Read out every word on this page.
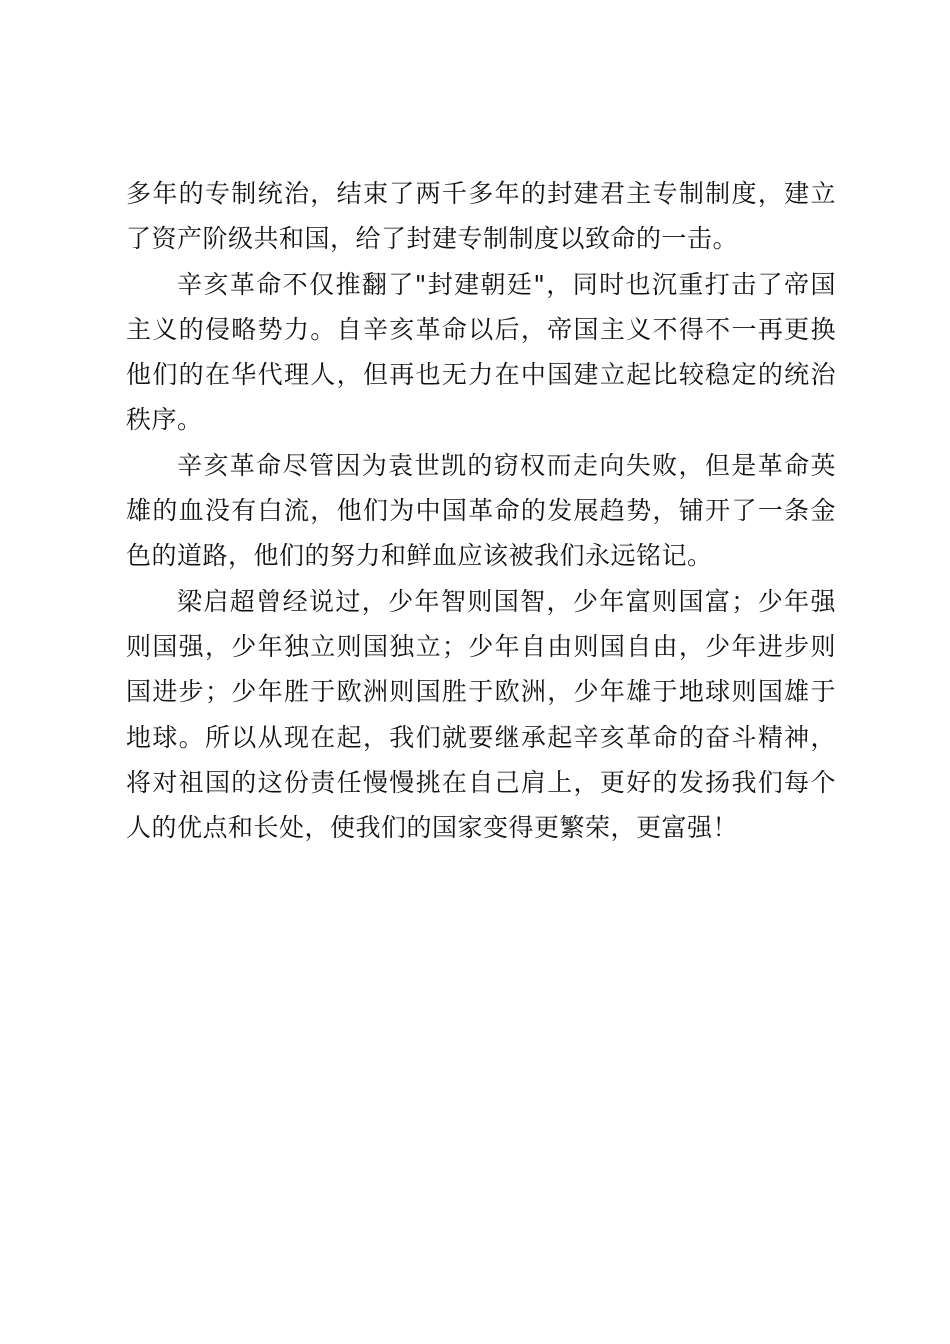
多年的专制统治，结束了两千多年的封建君主专制制度，建立了资产阶级共和国，给了封建专制制度以致命的一击。

辛亥革命不仅推翻了"封建朝廷"，同时也沉重打击了帝国主义的侵略势力。自辛亥革命以后，帝国主义不得不一再更换他们的在华代理人，但再也无力在中国建立起比较稳定的统治秩序。

辛亥革命尽管因为袁世凯的窃权而走向失败，但是革命英雄的血没有白流，他们为中国革命的发展趋势，铺开了一条金色的道路，他们的努力和鲜血应该被我们永远铭记。

梁启超曾经说过，少年智则国智，少年富则国富；少年强则国强，少年独立则国独立；少年自由则国自由，少年进步则国进步；少年胜于欧洲则国胜于欧洲，少年雄于地球则国雄于地球。所以从现在起，我们就要继承起辛亥革命的奋斗精神，将对祖国的这份责任慢慢挑在自己肩上，更好的发扬我们每个人的优点和长处，使我们的国家变得更繁荣，更富强！
